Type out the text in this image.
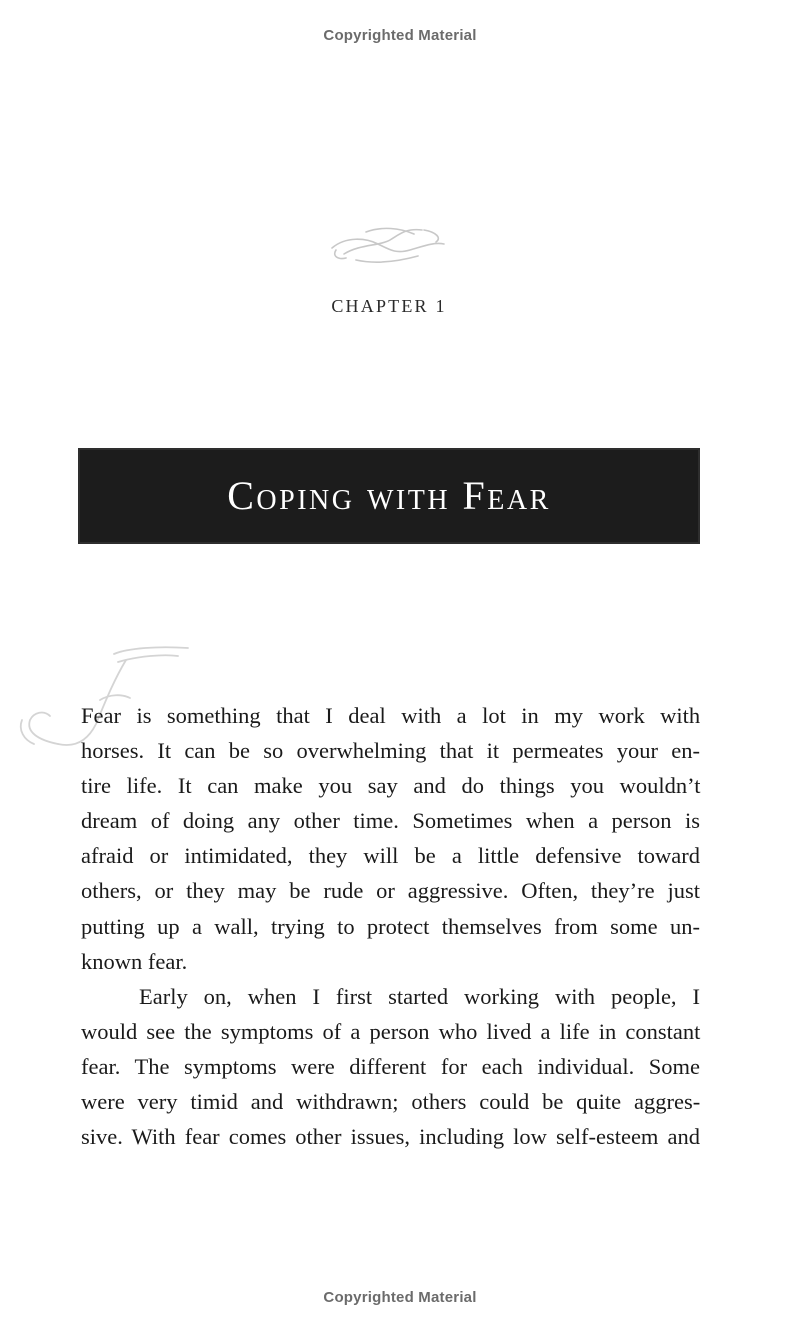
Copyrighted Material
CHAPTER 1
Coping with Fear
Fear is something that I deal with a lot in my work with
horses. It can be so overwhelming that it permeates your en-
tire life. It can make you say and do things you wouldn’t
dream of doing any other time. Sometimes when a person is
afraid or intimidated, they will be a little defensive toward
others, or they may be rude or aggressive. Often, they’re just
putting up a wall, trying to protect themselves from some un-
known fear.
Early on, when I first started working with people, I
would see the symptoms of a person who lived a life in constant
fear. The symptoms were different for each individual. Some
were very timid and withdrawn; others could be quite aggres-
sive. With fear comes other issues, including low self-esteem and
Copyrighted Material
